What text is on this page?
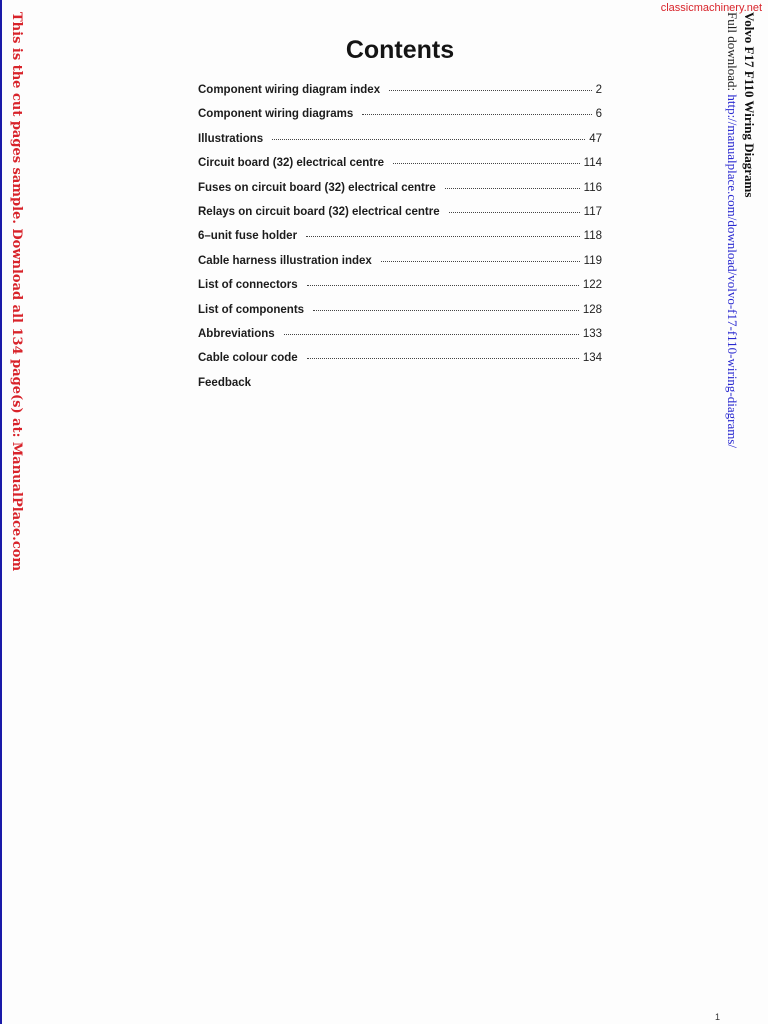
This is the cut pages sample. Download all 134 page(s) at: ManualPlace.com
classicmachinery.net
Volvo F17 F110 Wiring Diagrams
Full download: http://manualplace.com/download/volvo-f17-f110-wiring-diagrams/
Contents
Component wiring diagram index	2
Component wiring diagrams	6
Illustrations	47
Circuit board (32) electrical centre	114
Fuses on circuit board (32) electrical centre	116
Relays on circuit board (32) electrical centre	117
6–unit fuse holder	118
Cable harness illustration index	119
List of connectors	122
List of components	128
Abbreviations	133
Cable colour code	134
Feedback
1
